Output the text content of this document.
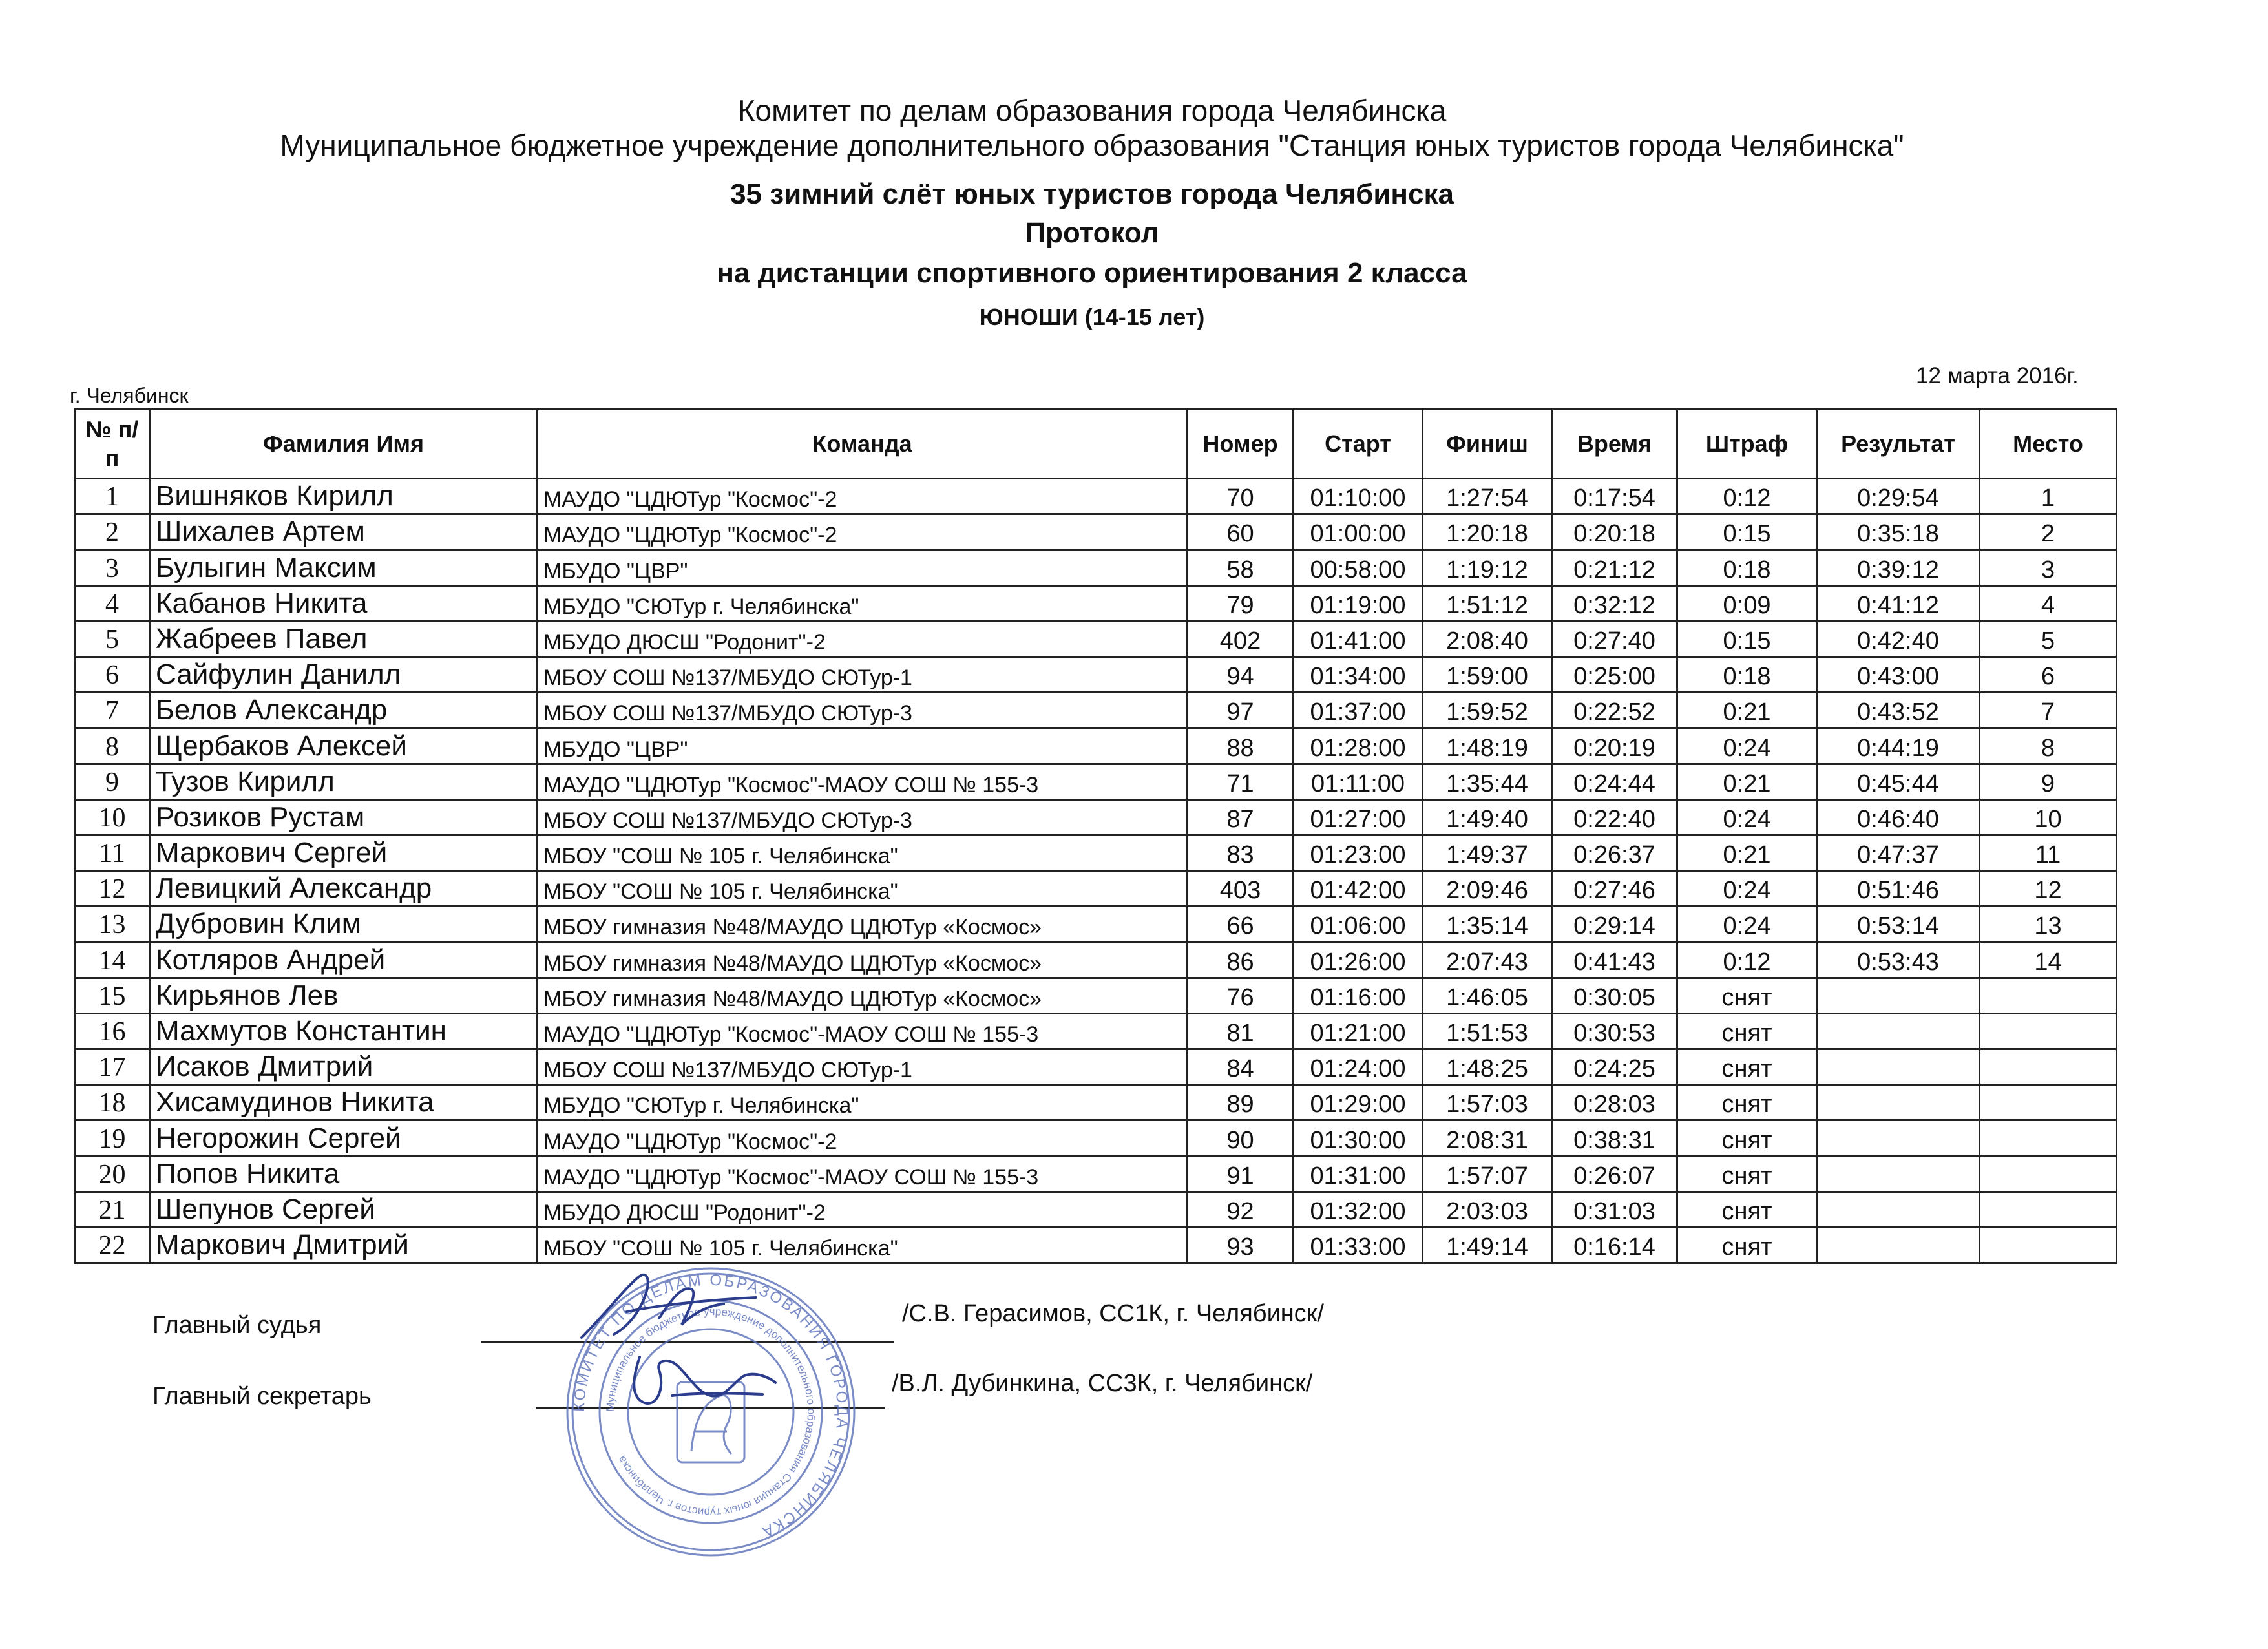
Комитет по делам образования города Челябинска
Муниципальное бюджетное учреждение дополнительного образования "Станция юных туристов города Челябинска"
35 зимний слёт юных туристов города Челябинска
Протокол
на дистанции спортивного ориентирования 2 класса
ЮНОШИ (14-15 лет)
г. Челябинск
12 марта 2016г.
№ п/п	Фамилия Имя	Команда	Номер	Старт	Финиш	Время	Штраф	Результат	Место
1	Вишняков Кирилл	МАУДО "ЦДЮТур "Космос"-2	70	01:10:00	1:27:54	0:17:54	0:12	0:29:54	1
2	Шихалев Артем	МАУДО "ЦДЮТур "Космос"-2	60	01:00:00	1:20:18	0:20:18	0:15	0:35:18	2
3	Булыгин Максим	МБУДО "ЦВР"	58	00:58:00	1:19:12	0:21:12	0:18	0:39:12	3
4	Кабанов Никита	МБУДО "СЮТур г. Челябинска"	79	01:19:00	1:51:12	0:32:12	0:09	0:41:12	4
5	Жабреев Павел	МБУДО ДЮСШ "Родонит"-2	402	01:41:00	2:08:40	0:27:40	0:15	0:42:40	5
6	Сайфулин Данилл	МБОУ СОШ №137/МБУДО СЮТур-1	94	01:34:00	1:59:00	0:25:00	0:18	0:43:00	6
7	Белов Александр	МБОУ СОШ №137/МБУДО СЮТур-3	97	01:37:00	1:59:52	0:22:52	0:21	0:43:52	7
8	Щербаков Алексей	МБУДО "ЦВР"	88	01:28:00	1:48:19	0:20:19	0:24	0:44:19	8
9	Тузов Кирилл	МАУДО "ЦДЮТур "Космос"-МАОУ СОШ № 155-3	71	01:11:00	1:35:44	0:24:44	0:21	0:45:44	9
10	Розиков Рустам	МБОУ СОШ №137/МБУДО СЮТур-3	87	01:27:00	1:49:40	0:22:40	0:24	0:46:40	10
11	Маркович Сергей	МБОУ "СОШ № 105 г. Челябинска"	83	01:23:00	1:49:37	0:26:37	0:21	0:47:37	11
12	Левицкий Александр	МБОУ "СОШ № 105 г. Челябинска"	403	01:42:00	2:09:46	0:27:46	0:24	0:51:46	12
13	Дубровин Клим	МБОУ гимназия №48/МАУДО ЦДЮТур «Космос»	66	01:06:00	1:35:14	0:29:14	0:24	0:53:14	13
14	Котляров Андрей	МБОУ гимназия №48/МАУДО ЦДЮТур «Космос»	86	01:26:00	2:07:43	0:41:43	0:12	0:53:43	14
15	Кирьянов Лев	МБОУ гимназия №48/МАУДО ЦДЮТур «Космос»	76	01:16:00	1:46:05	0:30:05	снят		
16	Махмутов Константин	МАУДО "ЦДЮТур "Космос"-МАОУ СОШ № 155-3	81	01:21:00	1:51:53	0:30:53	снят		
17	Исаков Дмитрий	МБОУ СОШ №137/МБУДО СЮТур-1	84	01:24:00	1:48:25	0:24:25	снят		
18	Хисамудинов Никита	МБУДО "СЮТур г. Челябинска"	89	01:29:00	1:57:03	0:28:03	снят		
19	Негорожин Сергей	МАУДО "ЦДЮТур "Космос"-2	90	01:30:00	2:08:31	0:38:31	снят		
20	Попов Никита	МАУДО "ЦДЮТур "Космос"-МАОУ СОШ № 155-3	91	01:31:00	1:57:07	0:26:07	снят		
21	Шепунов Сергей	МБУДО ДЮСШ "Родонит"-2	92	01:32:00	2:03:03	0:31:03	снят		
22	Маркович Дмитрий	МБОУ "СОШ № 105 г. Челябинска"	93	01:33:00	1:49:14	0:16:14	снят		
Главный судья	/С.В. Герасимов, СС1К, г. Челябинск/
Главный секретарь	/В.Л. Дубинкина, СС3К, г. Челябинск/
КОМИТЕТ ПО ДЕЛАМ ОБРАЗОВАНИЯ ГОРОДА ЧЕЛЯБИНСКА
Муниципальное бюджетное учреждение дополнительного образования Станция юных туристов г. Челябинска
